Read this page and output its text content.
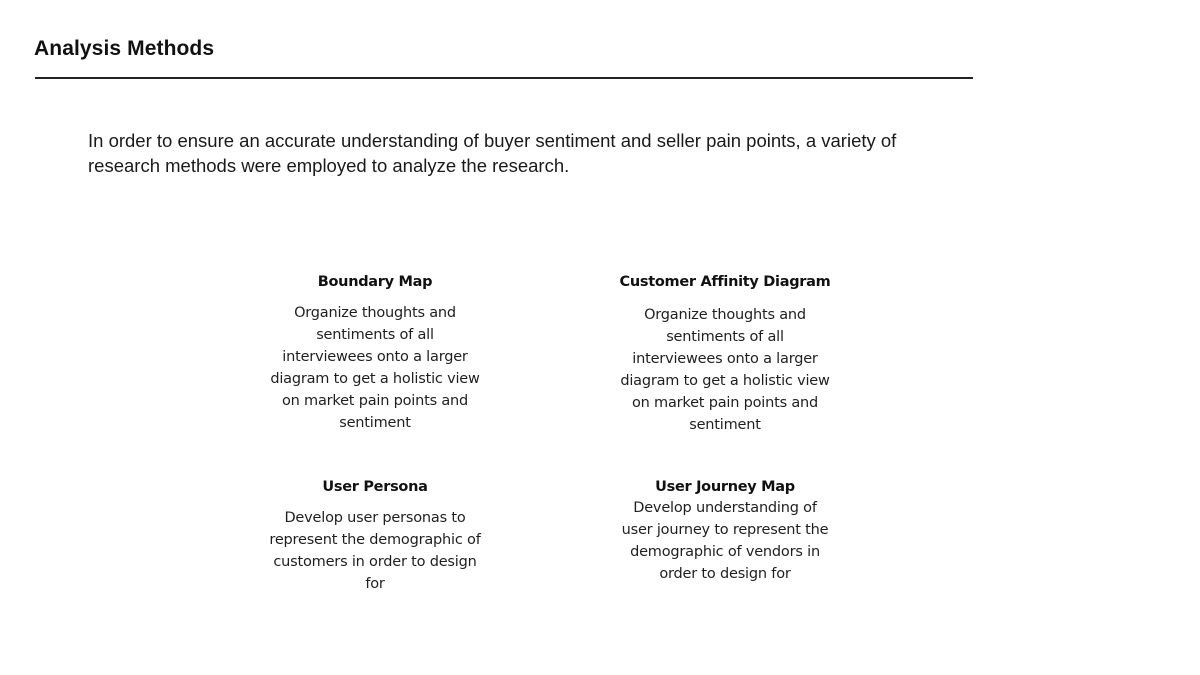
Analysis Methods

In order to ensure an accurate understanding of buyer sentiment and seller pain points, a variety of research methods were employed to analyze the research.

Boundary Map

Organize thoughts and sentiments of all interviewees onto a larger diagram to get a holistic view on market pain points and sentiment

Customer Affinity Diagram

Organize thoughts and sentiments of all interviewees onto a larger diagram to get a holistic view on market pain points and sentiment

User Persona

Develop user personas to represent the demographic of customers in order to design for

User Journey Map

Develop understanding of user journey to represent the demographic of vendors in order to design for
